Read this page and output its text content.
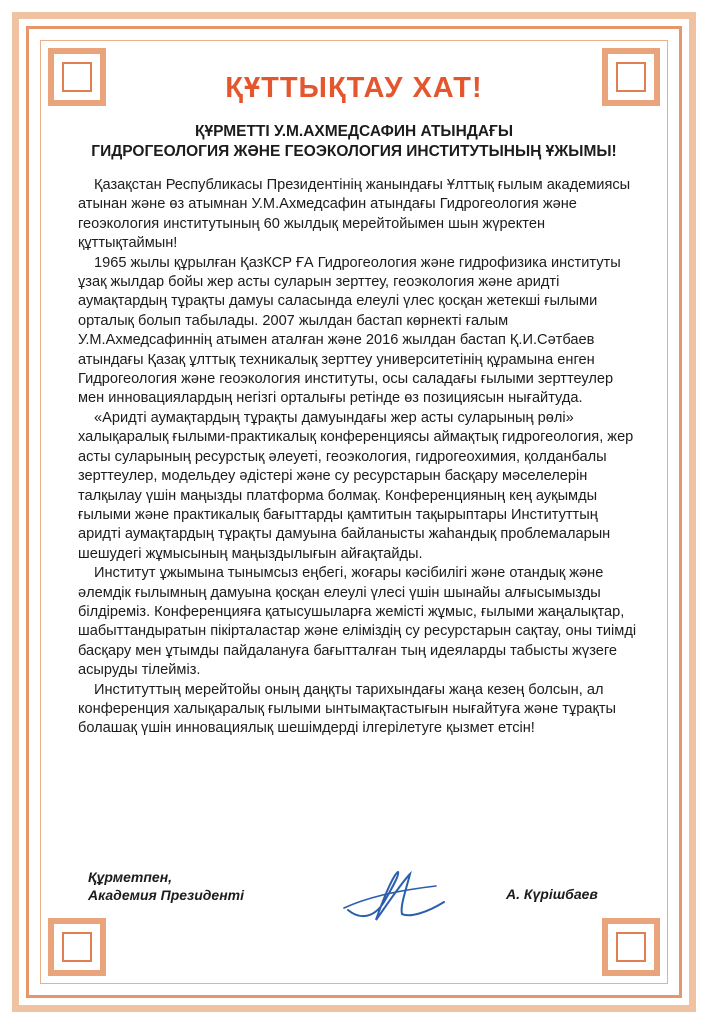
ҚҰТТЫҚТАУ ХАТ!
ҚҰРМЕТТІ У.М.АХМЕДСАФИН АТЫНДАҒЫ
ГИДРОГЕОЛОГИЯ ЖӘНЕ ГЕОЭКОЛОГИЯ ИНСТИТУТЫНЫҢ ҰЖЫМЫ!

Қазақстан Республикасы Президентінің жанындағы Ұлттық ғылым академиясы атынан және өз атымнан У.М.Ахмедсафин атындағы Гидрогеология және геоэкология институтының 60 жылдық мерейтойымен шын жүректен құттықтаймын!

1965 жылы құрылған ҚазКСР ҒА Гидрогеология және гидрофизика институты ұзақ жылдар бойы жер асты суларын зерттеу, геоэкология және аридті аумақтардың тұрақты дамуы саласында елеулі үлес қосқан жетекші ғылыми орталық болып табылады. 2007 жылдан бастап көрнекті ғалым У.М.Ахмедсафиннің атымен аталған және 2016 жылдан бастап Қ.И.Сәтбаев атындағы Қазақ ұлттық техникалық зерттеу университетінің құрамына енген Гидрогеология және геоэкология институты, осы саладағы ғылыми зерттеулер мен инновациялардың негізгі орталығы ретінде өз позициясын нығайтуда.

«Аридті аумақтардың тұрақты дамуындағы жер асты суларының рөлі» халықаралық ғылыми-практикалық конференциясы аймақтық гидрогеология, жер асты суларының ресурстық әлеуеті, геоэкология, гидрогеохимия, қолданбалы зерттеулер, модельдеу әдістері және су ресурстарын басқару мәселелерін талқылау үшін маңызды платформа болмақ. Конференцияның кең ауқымды ғылыми және практикалық бағыттарды қамтитын тақырыптары Институттың аридті аумақтардың тұрақты дамуына байланысты жаһандық проблемаларын шешудегі жұмысының маңыздылығын айғақтайды.

Институт ұжымына тынымсыз еңбегі, жоғары кәсібилігі және отандық және әлемдік ғылымның дамуына қосқан елеулі үлесі үшін шынайы алғысымызды білдіреміз. Конференцияға қатысушыларға жемісті жұмыс, ғылыми жаңалықтар, шабыттандыратын пікірталастар және еліміздің су ресурстарын сақтау, оны тиімді басқару мен ұтымды пайдалануға бағытталған тың идеяларды табысты жүзеге асыруды тілейміз.

Институттың мерейтойы оның даңқты тарихындағы жаңа кезең болсын, ал конференция халықаралық ғылыми ынтымақтастығын нығайтуға және тұрақты болашақ үшін инновациялық шешімдерді ілгерілетуге қызмет етсін!

Құрметпен,
Академия Президенті	А. Күрішбаев
